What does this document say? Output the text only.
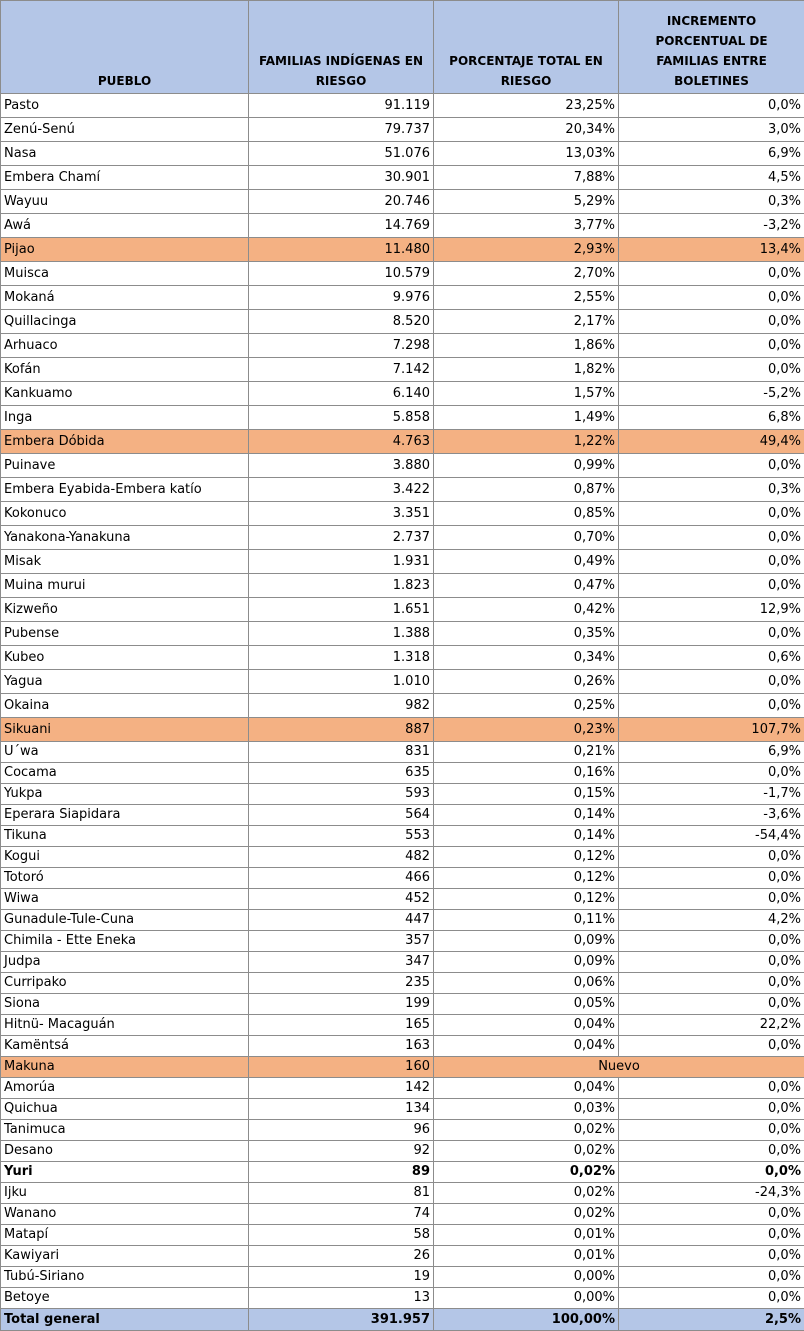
PUEBLO	FAMILIAS INDÍGENAS EN RIESGO	PORCENTAJE TOTAL EN RIESGO	INCREMENTO PORCENTUAL DE FAMILIAS ENTRE BOLETINES
Pasto	91.119	23,25%	0,0%
Zenú-Senú	79.737	20,34%	3,0%
Nasa	51.076	13,03%	6,9%
Embera Chamí	30.901	7,88%	4,5%
Wayuu	20.746	5,29%	0,3%
Awá	14.769	3,77%	-3,2%
Pijao	11.480	2,93%	13,4%
Muisca	10.579	2,70%	0,0%
Mokaná	9.976	2,55%	0,0%
Quillacinga	8.520	2,17%	0,0%
Arhuaco	7.298	1,86%	0,0%
Kofán	7.142	1,82%	0,0%
Kankuamo	6.140	1,57%	-5,2%
Inga	5.858	1,49%	6,8%
Embera Dóbida	4.763	1,22%	49,4%
Puinave	3.880	0,99%	0,0%
Embera Eyabida-Embera katío	3.422	0,87%	0,3%
Kokonuco	3.351	0,85%	0,0%
Yanakona-Yanakuna	2.737	0,70%	0,0%
Misak	1.931	0,49%	0,0%
Muina murui	1.823	0,47%	0,0%
Kizweño	1.651	0,42%	12,9%
Pubense	1.388	0,35%	0,0%
Kubeo	1.318	0,34%	0,6%
Yagua	1.010	0,26%	0,0%
Okaina	982	0,25%	0,0%
Sikuani	887	0,23%	107,7%
U´wa	831	0,21%	6,9%
Cocama	635	0,16%	0,0%
Yukpa	593	0,15%	-1,7%
Eperara Siapidara	564	0,14%	-3,6%
Tikuna	553	0,14%	-54,4%
Kogui	482	0,12%	0,0%
Totoró	466	0,12%	0,0%
Wiwa	452	0,12%	0,0%
Gunadule-Tule-Cuna	447	0,11%	4,2%
Chimila - Ette Eneka	357	0,09%	0,0%
Judpa	347	0,09%	0,0%
Curripako	235	0,06%	0,0%
Siona	199	0,05%	0,0%
Hitnü- Macaguán	165	0,04%	22,2%
Kamëntsá	163	0,04%	0,0%
Makuna	160	Nuevo	
Amorúa	142	0,04%	0,0%
Quichua	134	0,03%	0,0%
Tanimuca	96	0,02%	0,0%
Desano	92	0,02%	0,0%
Yuri	89	0,02%	0,0%
Ijku	81	0,02%	-24,3%
Wanano	74	0,02%	0,0%
Matapí	58	0,01%	0,0%
Kawiyari	26	0,01%	0,0%
Tubú-Siriano	19	0,00%	0,0%
Betoye	13	0,00%	0,0%
Total general	391.957	100,00%	2,5%
